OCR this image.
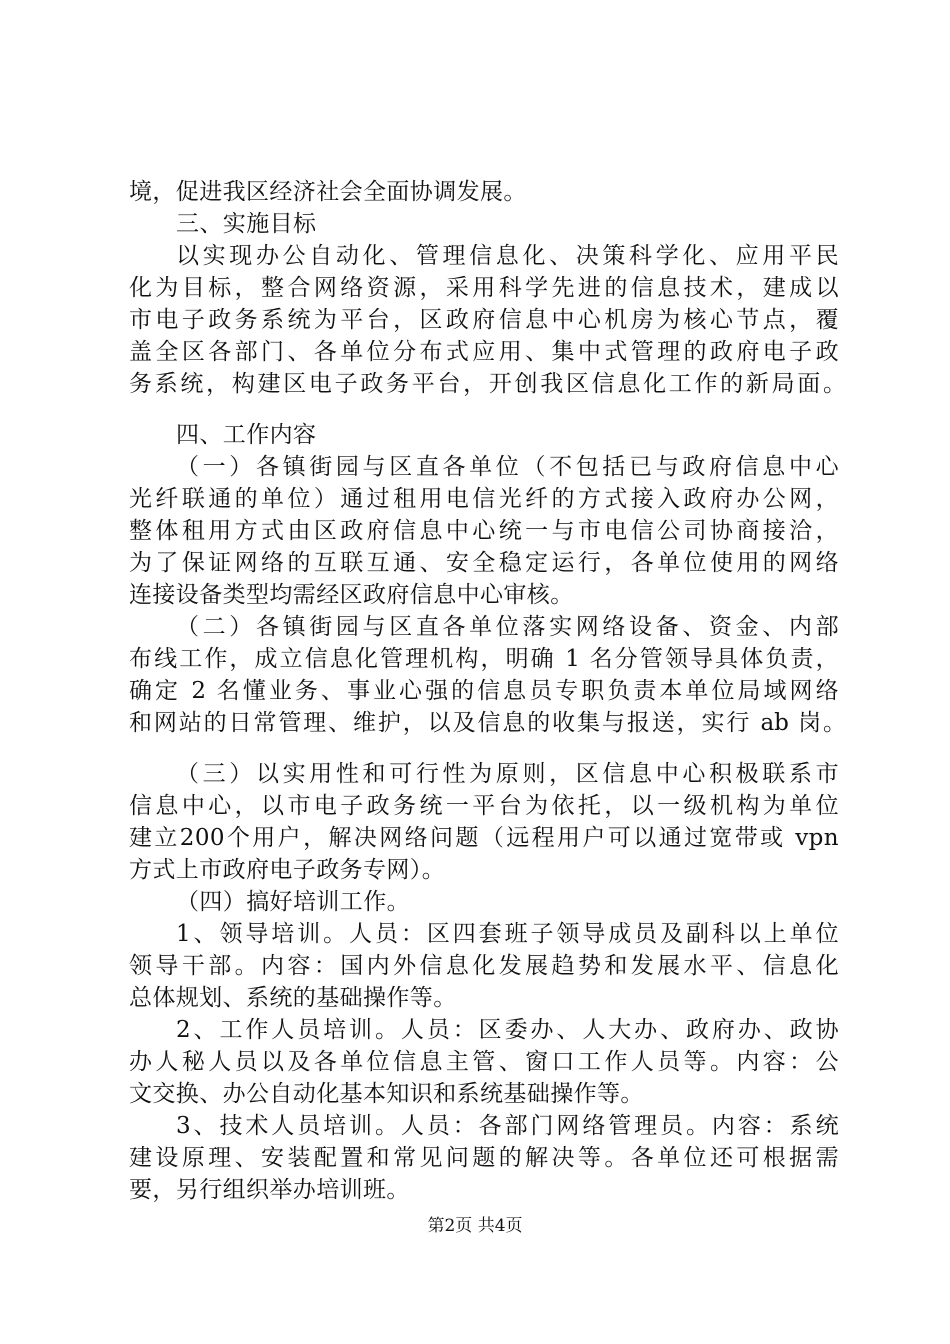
境，促进我区经济社会全面协调发展。
三、实施目标
以实现办公自动化、管理信息化、决策科学化、应用平民
化为目标，整合网络资源，采用科学先进的信息技术，建成以
市电子政务系统为平台，区政府信息中心机房为核心节点，覆
盖全区各部门、各单位分布式应用、集中式管理的政府电子政
务系统，构建区电子政务平台，开创我区信息化工作的新局面。
四、工作内容
（一）各镇街园与区直各单位（不包括已与政府信息中心
光纤联通的单位）通过租用电信光纤的方式接入政府办公网，
整体租用方式由区政府信息中心统一与市电信公司协商接洽，
为了保证网络的互联互通、安全稳定运行，各单位使用的网络
连接设备类型均需经区政府信息中心审核。
（二）各镇街园与区直各单位落实网络设备、资金、内部
布线工作，成立信息化管理机构，明确 1 名分管领导具体负责，
确定 2 名懂业务、事业心强的信息员专职负责本单位局域网络
和网站的日常管理、维护，以及信息的收集与报送，实行 ab 岗。
（三）以实用性和可行性为原则，区信息中心积极联系市
信息中心，以市电子政务统一平台为依托，以一级机构为单位
建立200个用户，解决网络问题（远程用户可以通过宽带或 vpn
方式上市政府电子政务专网）。
（四）搞好培训工作。
1、领导培训。人员：区四套班子领导成员及副科以上单位
领导干部。内容：国内外信息化发展趋势和发展水平、信息化
总体规划、系统的基础操作等。
2、工作人员培训。人员：区委办、人大办、政府办、政协
办人秘人员以及各单位信息主管、窗口工作人员等。内容：公
文交换、办公自动化基本知识和系统基础操作等。
3、技术人员培训。人员：各部门网络管理员。内容：系统
建设原理、安装配置和常见问题的解决等。各单位还可根据需
要，另行组织举办培训班。
第2页 共4页
